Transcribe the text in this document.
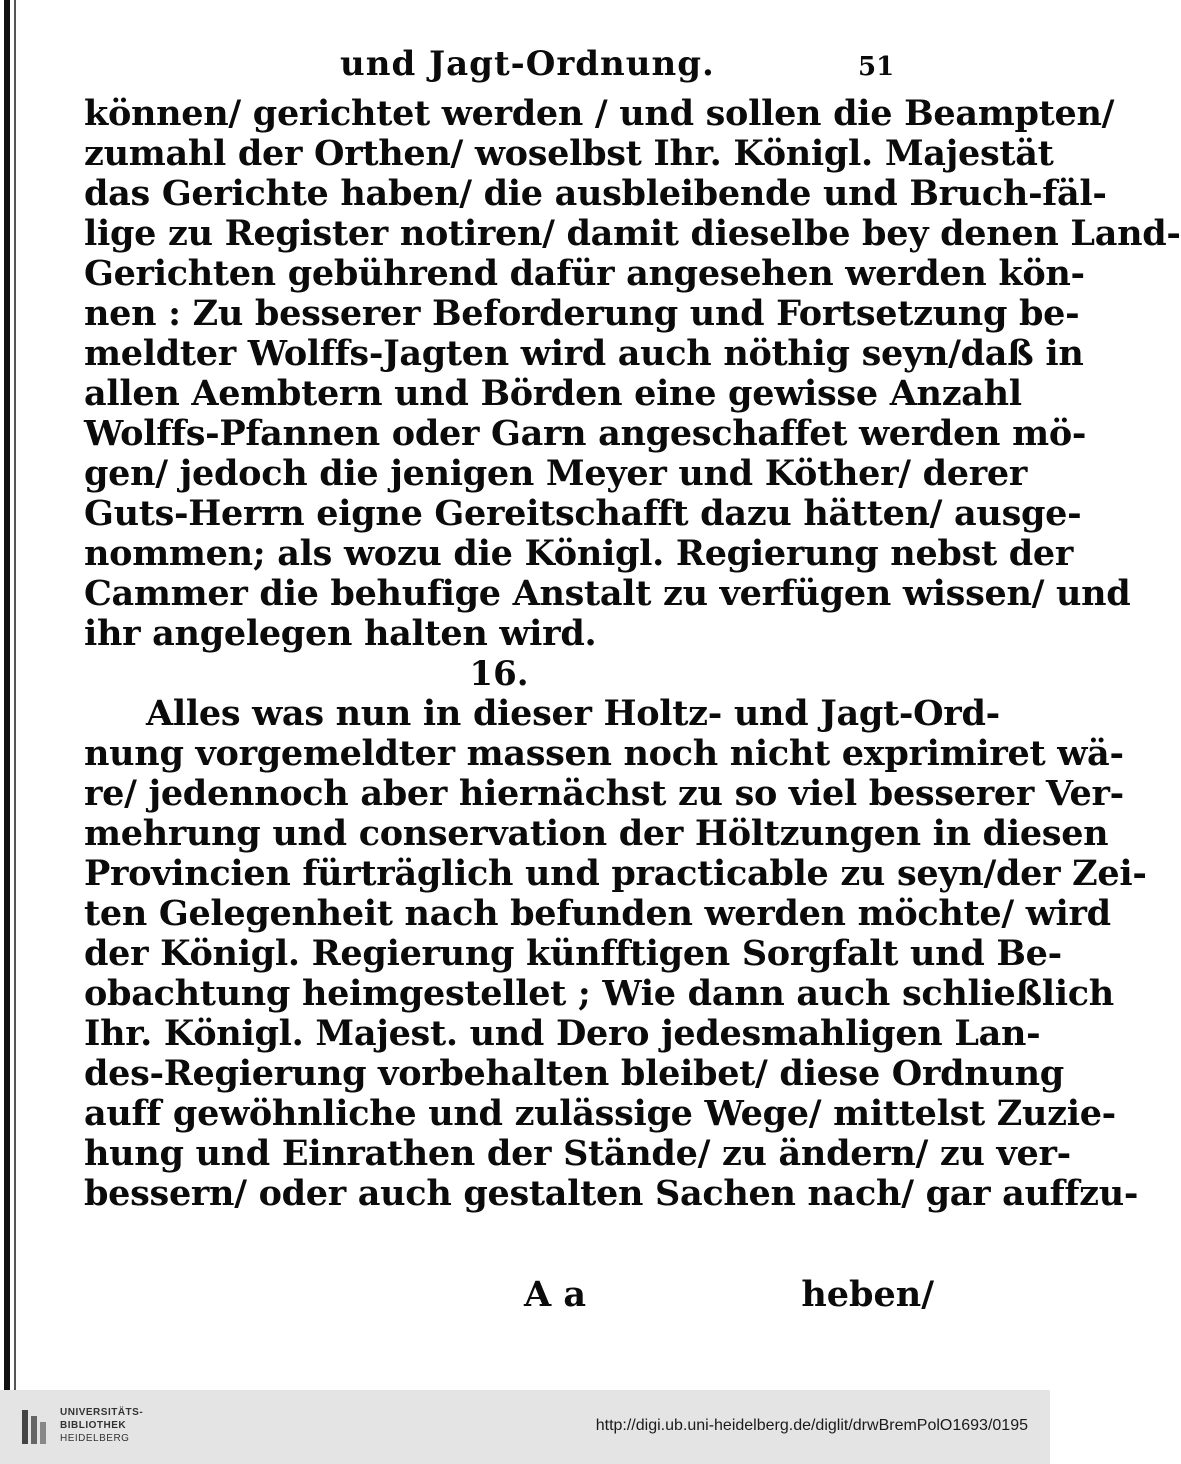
und Jagt-Ordnung.	51
können/ gerichtet werden / und sollen die Beampten/
zumahl der Orthen/ woselbst Ihr. Königl. Majestät
das Gerichte haben/ die ausbleibende und Bruch-fäl-
lige zu Register notiren/ damit dieselbe bey denen Land-
Gerichten gebührend dafür angesehen werden kön-
nen : Zu besserer Beforderung und Fortsetzung be-
meldter Wolffs-Jagten wird auch nöthig seyn/daß in
allen Aembtern und Börden eine gewisse Anzahl
Wolffs-Pfannen oder Garn angeschaffet werden mö-
gen/ jedoch die jenigen Meyer und Köther/ derer
Guts-Herrn eigne Gereitschafft dazu hätten/ ausge-
nommen; als wozu die Königl. Regierung nebst der
Cammer die behufige Anstalt zu verfügen wissen/ und
ihr angelegen halten wird.
16.
Alles was nun in dieser Holtz- und Jagt-Ord-
nung vorgemeldter massen noch nicht exprimiret wä-
re/ jedennoch aber hiernächst zu so viel besserer Ver-
mehrung und conservation der Höltzungen in diesen
Provincien fürträglich und practicable zu seyn/der Zei-
ten Gelegenheit nach befunden werden möchte/ wird
der Königl. Regierung künfftigen Sorgfalt und Be-
obachtung heimgestellet ; Wie dann auch schließlich
Ihr. Königl. Majest. und Dero jedesmahligen Lan-
des-Regierung vorbehalten bleibet/ diese Ordnung
auff gewöhnliche und zulässige Wege/ mittelst Zuzie-
hung und Einrathen der Stände/ zu ändern/ zu ver-
bessern/ oder auch gestalten Sachen nach/ gar auffzu-
A a	heben/
UNIVERSITÄTS-
BIBLIOTHEK
HEIDELBERG
http://digi.ub.uni-heidelberg.de/diglit/drwBremPolO1693/0195
